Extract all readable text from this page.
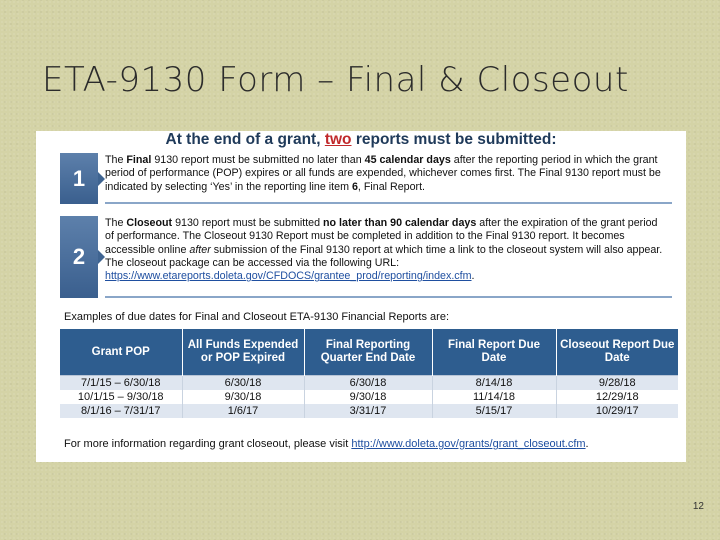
ETA-9130 Form – Final & Closeout
At the end of a grant, two reports must be submitted:
1
The Final 9130 report must be submitted no later than 45 calendar days after the reporting period in which the grant period of performance (POP) expires or all funds are expended, whichever comes first. The Final 9130 report must be indicated by selecting ‘Yes’ in the reporting line item 6, Final Report.
2
The Closeout 9130 report must be submitted no later than 90 calendar days after the expiration of the grant period of performance. The Closeout 9130 Report must be completed in addition to the Final 9130 report. It becomes accessible online after submission of the Final 9130 report at which time a link to the closeout system will also appear. The closeout package can be accessed via the following URL: https://www.etareports.doleta.gov/CFDOCS/grantee_prod/reporting/index.cfm.
Examples of due dates for Final and Closeout ETA-9130 Financial Reports are:
Grant POP	All Funds Expended or POP Expired	Final Reporting Quarter End Date	Final Report Due Date	Closeout Report Due Date
7/1/15 – 6/30/18	6/30/18	6/30/18	8/14/18	9/28/18
10/1/15 – 9/30/18	9/30/18	9/30/18	11/14/18	12/29/18
8/1/16 – 7/31/17	1/6/17	3/31/17	5/15/17	10/29/17
For more information regarding grant closeout, please visit http://www.doleta.gov/grants/grant_closeout.cfm.
12
